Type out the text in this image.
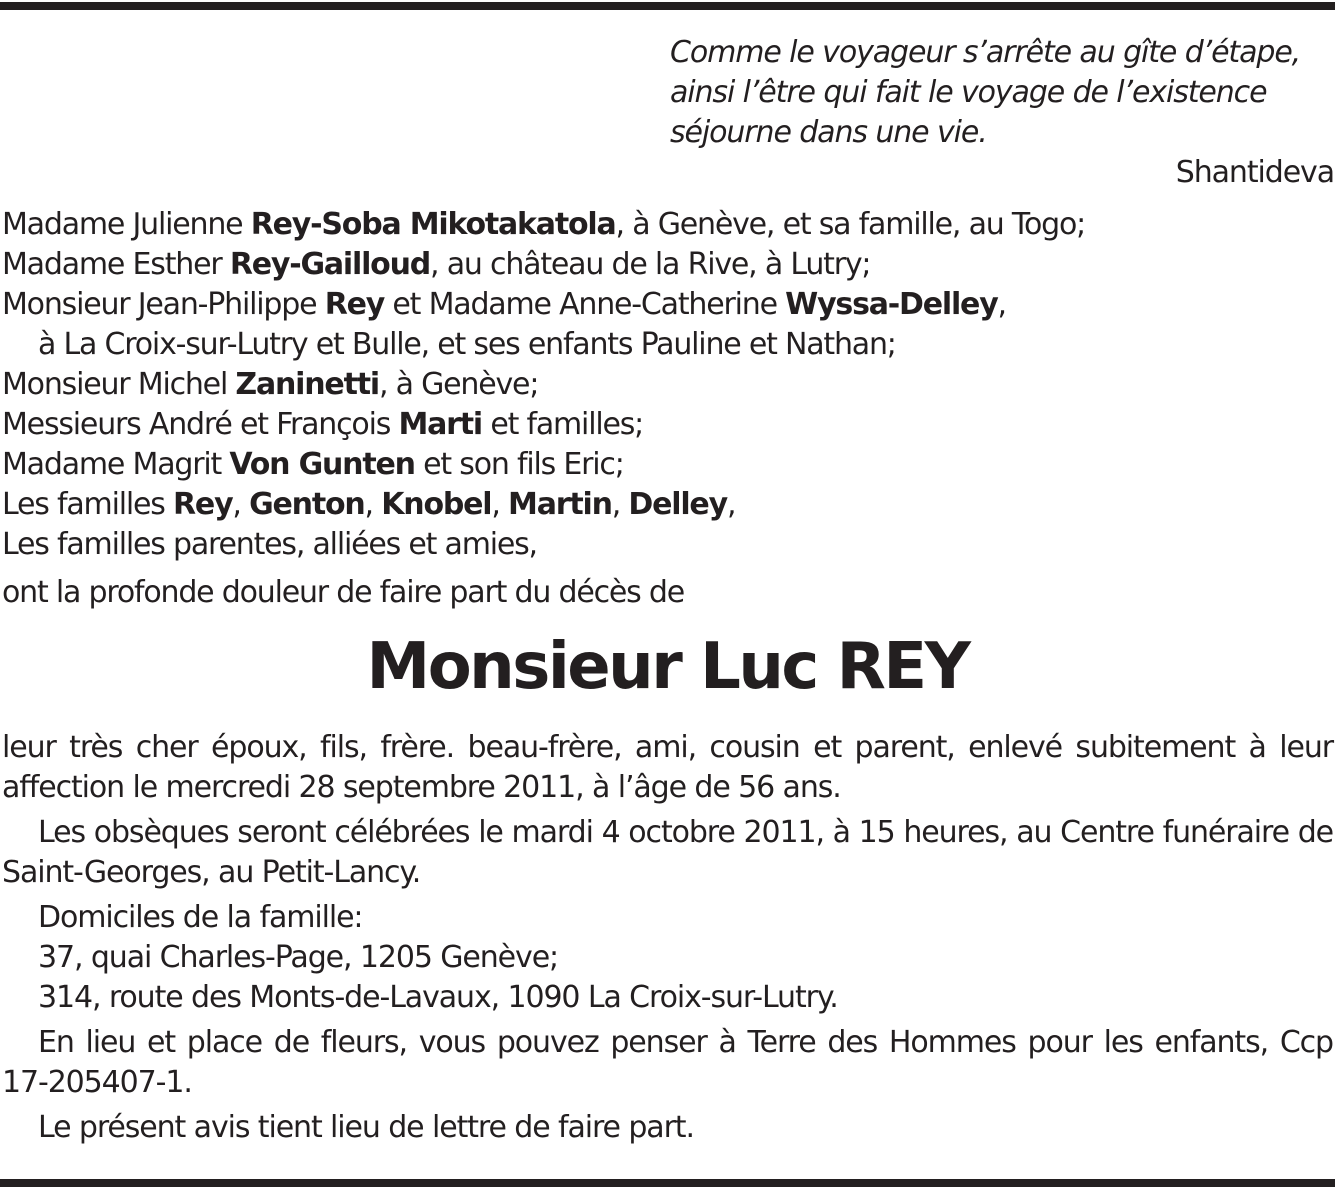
Comme le voyageur s’arrête au gîte d’étape,
ainsi l’être qui fait le voyage de l’existence
séjourne dans une vie.
Shantideva
Madame Julienne Rey-Soba Mikotakatola, à Genève, et sa famille, au Togo;
Madame Esther Rey-Gailloud, au château de la Rive, à Lutry;
Monsieur Jean-Philippe Rey et Madame Anne-Catherine Wyssa-Delley,
à La Croix-sur-Lutry et Bulle, et ses enfants Pauline et Nathan;
Monsieur Michel Zaninetti, à Genève;
Messieurs André et François Marti et familles;
Madame Magrit Von Gunten et son fils Eric;
Les familles Rey, Genton, Knobel, Martin, Delley,
Les familles parentes, alliées et amies,
ont la profonde douleur de faire part du décès de
Monsieur Luc REY

leur très cher époux, fils, frère. beau-frère, ami, cousin et parent, enlevé subitement à leur affection le mercredi 28 septembre 2011, à l’âge de 56 ans.

Les obsèques seront célébrées le mardi 4 octobre 2011, à 15 heures, au Centre funéraire de Saint-Georges, au Petit-Lancy.

Domiciles de la famille:
37, quai Charles-Page, 1205 Genève;
314, route des Monts-de-Lavaux, 1090 La Croix-sur-Lutry.

En lieu et place de fleurs, vous pouvez penser à Terre des Hommes pour les enfants, Ccp 17-205407-1.

Le présent avis tient lieu de lettre de faire part.
